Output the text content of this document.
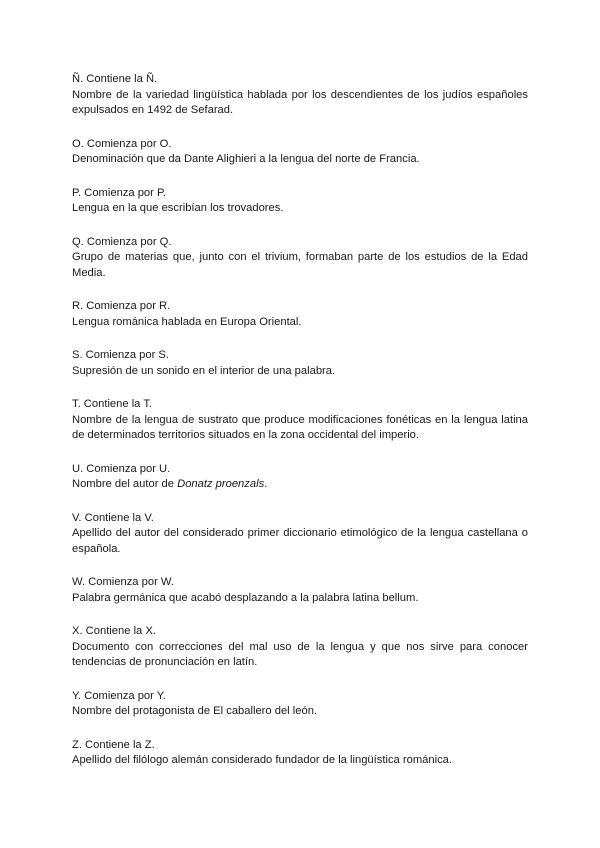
Ñ. Contiene la Ñ.

Nombre de la variedad lingüística hablada por los descendientes de los judíos españoles expulsados en 1492 de Sefarad.

O. Comienza por O.

Denominación que da Dante Alighieri a la lengua del norte de Francia.

P. Comienza por P.

Lengua en la que escribían los trovadores.

Q. Comienza por Q.

Grupo de materias que, junto con el trivium, formaban parte de los estudios de la Edad Media.

R. Comienza por R.

Lengua románica hablada en Europa Oriental.

S. Comienza por S.

Supresión de un sonido en el interior de una palabra.

T. Contiene la T.

Nombre de la lengua de sustrato que produce modificaciones fonéticas en la lengua latina de determinados territorios situados en la zona occidental del imperio.

U. Comienza por U.

Nombre del autor de Donatz proenzals.

V. Contiene la V.

Apellido del autor del considerado primer diccionario etimológico de la lengua castellana o española.

W. Comienza por W.

Palabra germánica que acabó desplazando a la palabra latina bellum.

X. Contiene la X.

Documento con correcciones del mal uso de la lengua y que nos sirve para conocer tendencias de pronunciación en latín.

Y. Comienza por Y.

Nombre del protagonista de El caballero del león.

Z. Contiene la Z.

Apellido del filólogo alemán considerado fundador de la lingüística románica.
